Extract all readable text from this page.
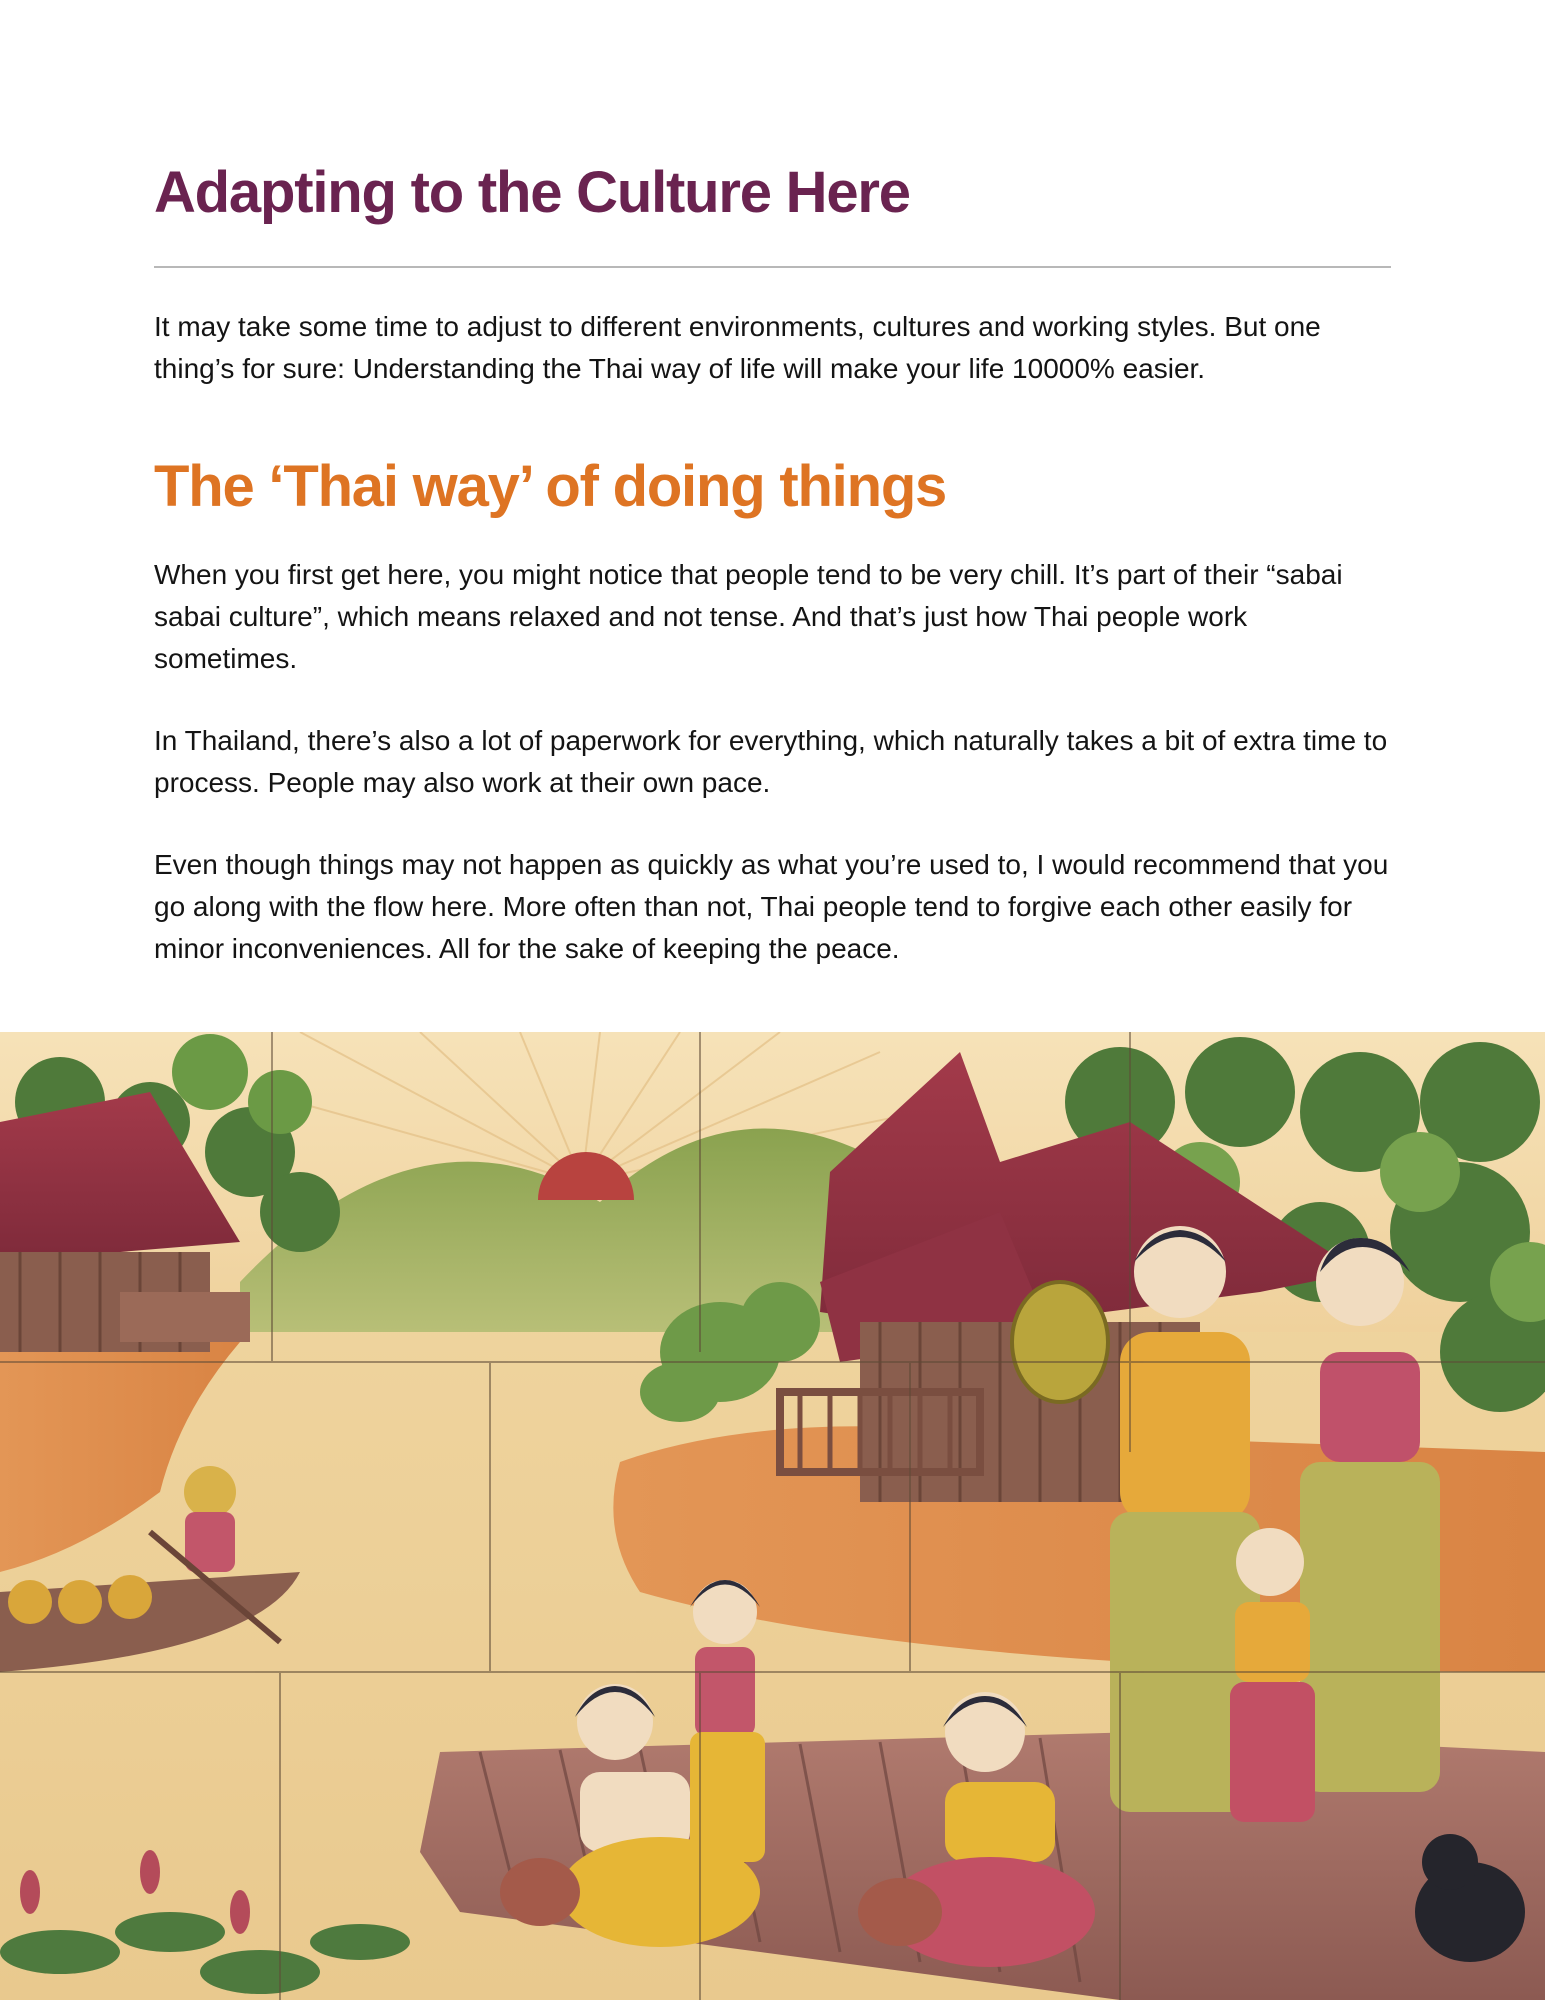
Adapting to the Culture Here

It may take some time to adjust to different environments, cultures and working styles. But one thing’s for sure: Understanding the Thai way of life will make your life 10000% easier.

The ‘Thai way’ of doing things

When you first get here, you might notice that people tend to be very chill. It’s part of their “sabai sabai culture”, which means relaxed and not tense. And that’s just how Thai people work sometimes.

In Thailand, there’s also a lot of paperwork for everything, which naturally takes a bit of extra time to process. People may also work at their own pace.

Even though things may not happen as quickly as what you’re used to, I would recommend that you go along with the flow here. More often than not, Thai people tend to forgive each other easily for minor inconveniences. All for the sake of keeping the peace.
